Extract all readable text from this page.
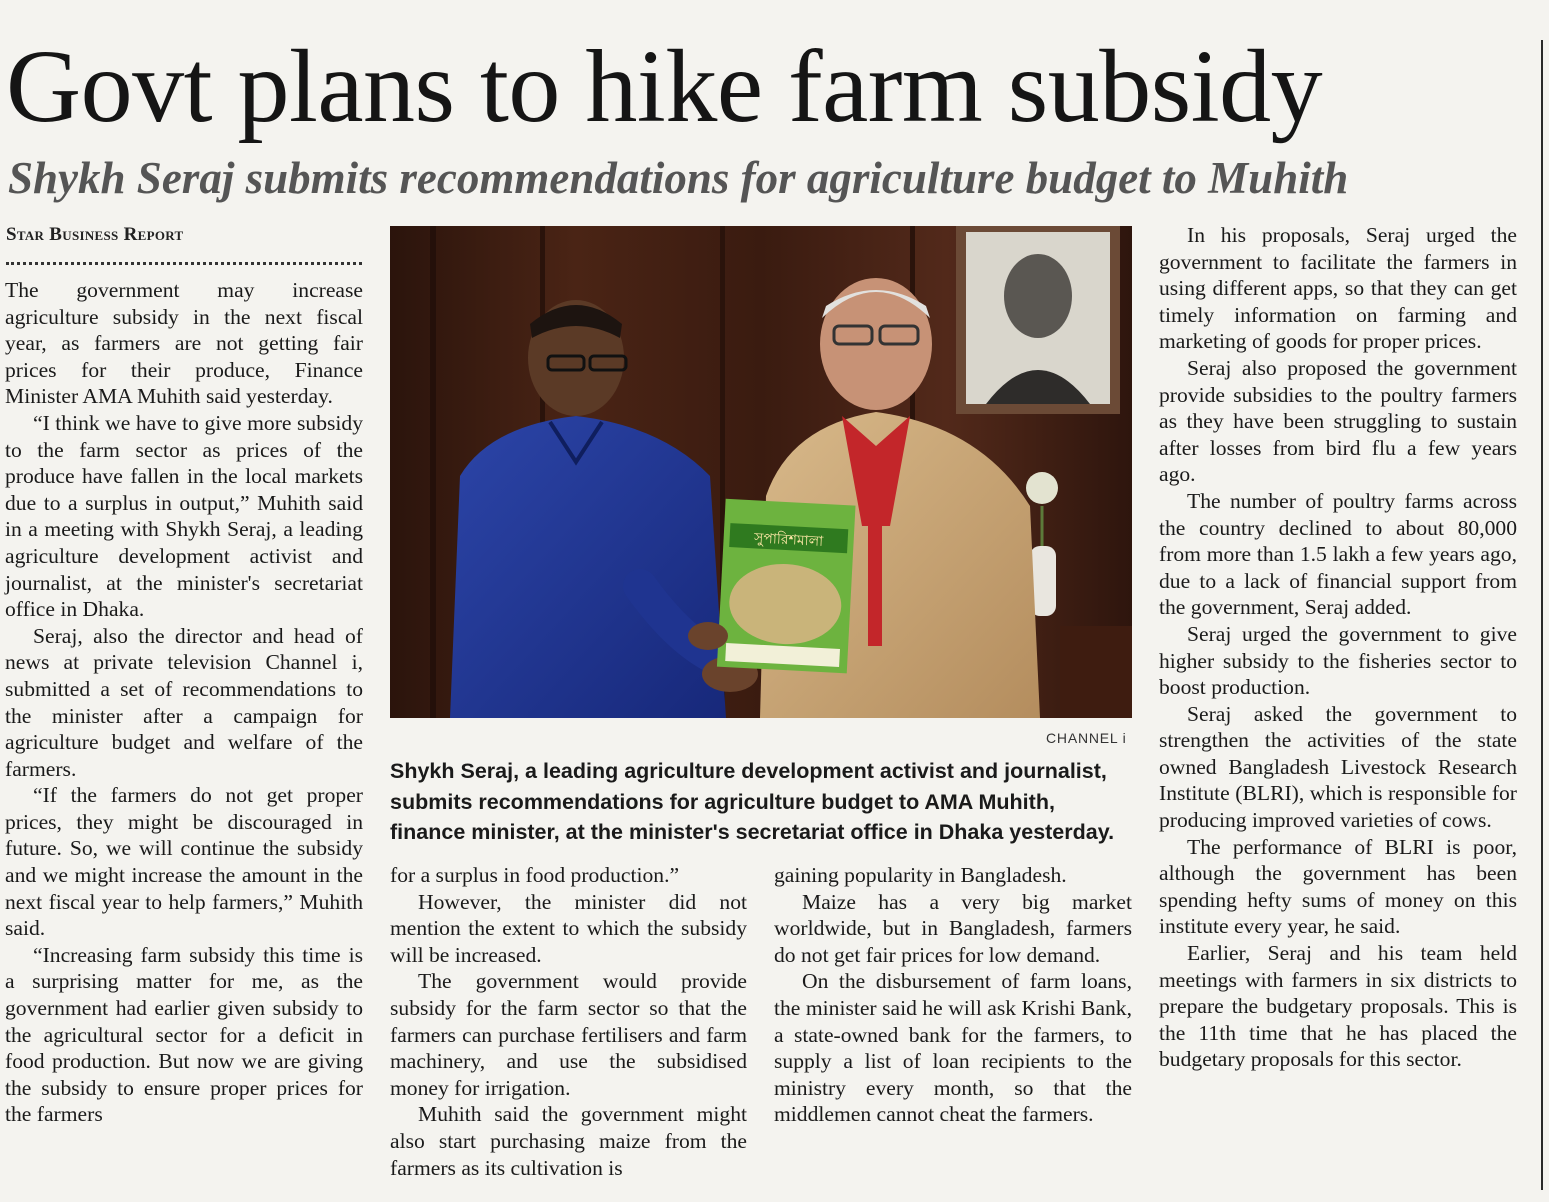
Govt plans to hike farm subsidy
Shykh Seraj submits recommendations for agriculture budget to Muhith
Star Business Report

The government may increase agriculture subsidy in the next fiscal year, as farmers are not getting fair prices for their produce, Finance Minister AMA Muhith said yesterday.

“I think we have to give more subsidy to the farm sector as prices of the produce have fallen in the local markets due to a surplus in output,” Muhith said in a meeting with Shykh Seraj, a leading agriculture development activist and journalist, at the minister's secretariat office in Dhaka.

Seraj, also the director and head of news at private television Channel i, submitted a set of recommendations to the minister after a campaign for agriculture budget and welfare of the farmers.

“If the farmers do not get proper prices, they might be discouraged in future. So, we will continue the subsidy and we might increase the amount in the next fiscal year to help farmers,” Muhith said.

“Increasing farm subsidy this time is a surprising matter for me, as the government had earlier given subsidy to the agricultural sector for a deficit in food production. But now we are giving the subsidy to ensure proper prices for the farmers

সুপারিশমালা
CHANNEL i
Shykh Seraj, a leading agriculture development activist and journalist, submits recommendations for agriculture budget to AMA Muhith, finance minister, at the minister's secretariat office in Dhaka yesterday.

for a surplus in food production.”

However, the minister did not mention the extent to which the subsidy will be increased.

The government would provide subsidy for the farm sector so that the farmers can purchase fertilisers and farm machinery, and use the subsidised money for irrigation.

Muhith said the government might also start purchasing maize from the farmers as its cultivation is

gaining popularity in Bangladesh.

Maize has a very big market worldwide, but in Bangladesh, farmers do not get fair prices for low demand.

On the disbursement of farm loans, the minister said he will ask Krishi Bank, a state-owned bank for the farmers, to supply a list of loan recipients to the ministry every month, so that the middlemen cannot cheat the farmers.

In his proposals, Seraj urged the government to facilitate the farmers in using different apps, so that they can get timely information on farming and marketing of goods for proper prices.

Seraj also proposed the government provide subsidies to the poultry farmers as they have been struggling to sustain after losses from bird flu a few years ago.

The number of poultry farms across the country declined to about 80,000 from more than 1.5 lakh a few years ago, due to a lack of financial support from the government, Seraj added.

Seraj urged the government to give higher subsidy to the fisheries sector to boost production.

Seraj asked the government to strengthen the activities of the state owned Bangladesh Livestock Research Institute (BLRI), which is responsible for producing improved varieties of cows.

The performance of BLRI is poor, although the government has been spending hefty sums of money on this institute every year, he said.

Earlier, Seraj and his team held meetings with farmers in six districts to prepare the budgetary proposals. This is the 11th time that he has placed the budgetary proposals for this sector.
